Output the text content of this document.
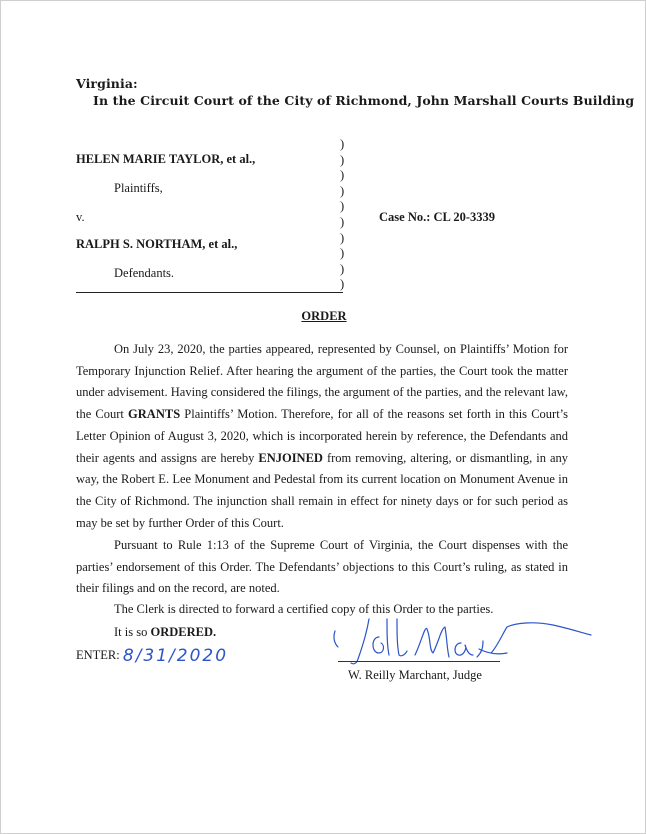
Virginia:
In the Circuit Court of the City of Richmond, John Marshall Courts Building
HELEN MARIE TAYLOR, et al.,
Plaintiffs,
v.
RALPH S. NORTHAM, et al.,
Defendants.
)
)
)
)
)
)
)
)
)
)
Case No.: CL 20-3339
ORDER
On July 23, 2020, the parties appeared, represented by Counsel, on Plaintiffs’ Motion for Temporary Injunction Relief. After hearing the argument of the parties, the Court took the matter under advisement. Having considered the filings, the argument of the parties, and the relevant law, the Court GRANTS Plaintiffs’ Motion. Therefore, for all of the reasons set forth in this Court’s Letter Opinion of August 3, 2020, which is incorporated herein by reference, the Defendants and their agents and assigns are hereby ENJOINED from removing, altering, or dismantling, in any way, the Robert E. Lee Monument and Pedestal from its current location on Monument Avenue in the City of Richmond. The injunction shall remain in effect for ninety days or for such period as may be set by further Order of this Court.
Pursuant to Rule 1:13 of the Supreme Court of Virginia, the Court dispenses with the parties’ endorsement of this Order. The Defendants’ objections to this Court’s ruling, as stated in their filings and on the record, are noted.
The Clerk is directed to forward a certified copy of this Order to the parties.
It is so ORDERED.
ENTER: 8/31/2020
W. Reilly Marchant, Judge
